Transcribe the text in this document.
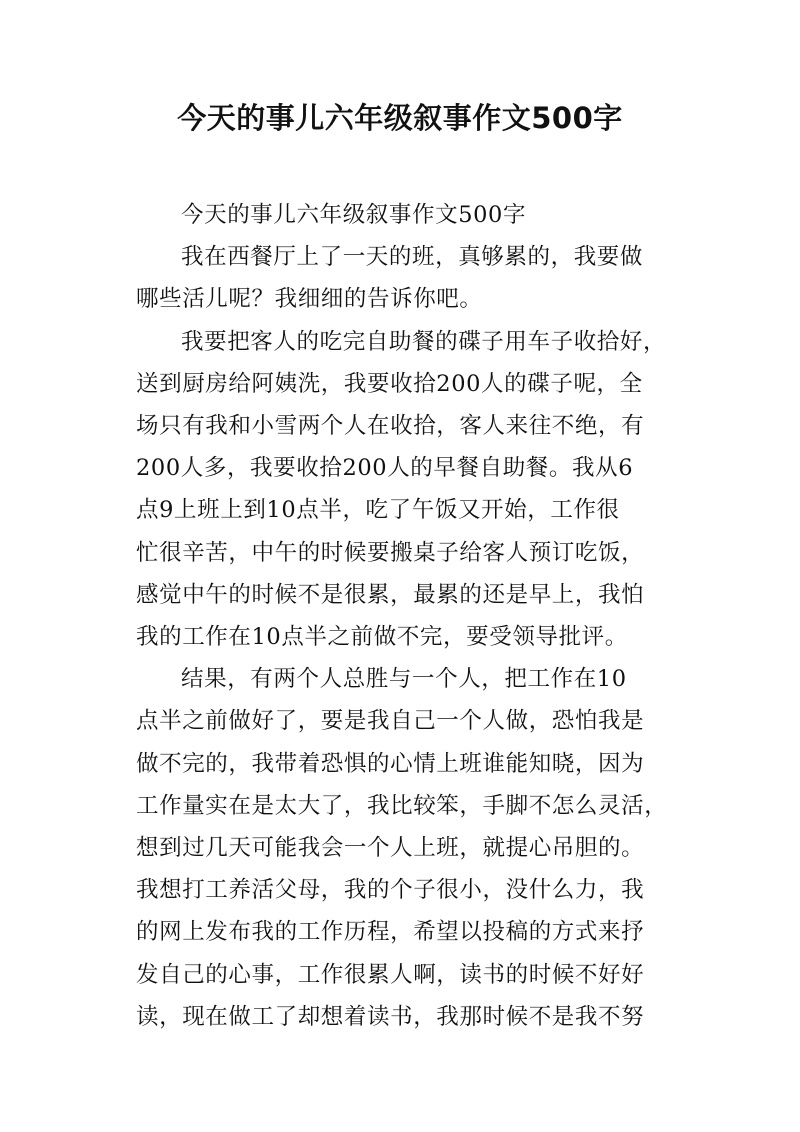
今天的事儿六年级叙事作文500字
今天的事儿六年级叙事作文500字
我在西餐厅上了一天的班，真够累的，我要做
哪些活儿呢？我细细的告诉你吧。
我要把客人的吃完自助餐的碟子用车子收拾好，
送到厨房给阿姨洗，我要收拾200人的碟子呢，全
场只有我和小雪两个人在收拾，客人来往不绝，有
200人多，我要收拾200人的早餐自助餐。我从6
点9上班上到10点半，吃了午饭又开始，工作很
忙很辛苦，中午的时候要搬桌子给客人预订吃饭，
感觉中午的时候不是很累，最累的还是早上，我怕
我的工作在10点半之前做不完，要受领导批评。
结果，有两个人总胜与一个人，把工作在10
点半之前做好了，要是我自己一个人做，恐怕我是
做不完的，我带着恐惧的心情上班谁能知晓，因为
工作量实在是太大了，我比较笨，手脚不怎么灵活，
想到过几天可能我会一个人上班，就提心吊胆的。
我想打工养活父母，我的个子很小，没什么力，我
的网上发布我的工作历程，希望以投稿的方式来抒
发自己的心事，工作很累人啊，读书的时候不好好
读，现在做工了却想着读书，我那时候不是我不努
